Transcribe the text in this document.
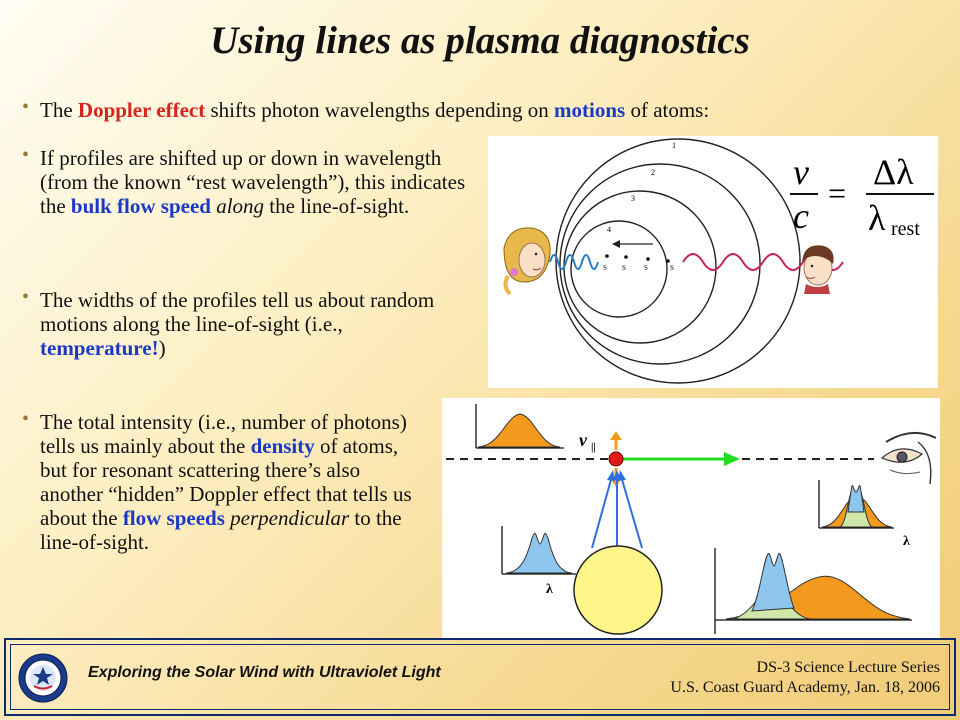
Using lines as plasma diagnostics
• The Doppler effect shifts photon wavelengths depending on motions of atoms:
• If profiles are shifted up or down in wavelength (from the known “rest wavelength”), this indicates the bulk flow speed along the line-of-sight.
• The widths of the profiles tell us about random motions along the line-of-sight (i.e., temperature!)
• The total intensity (i.e., number of photons) tells us mainly about the density of atoms, but for resonant scattering there’s also another “hidden” Doppler effect that tells us about the flow speeds perpendicular to the line-of-sight.
1
2
3
4
S S	S	S
v
c
=
Δλ
λ rest
v ||
λ
λ
Exploring the Solar Wind with Ultraviolet Light	DS-3 Science Lecture Series
U.S. Coast Guard Academy, Jan. 18, 2006
